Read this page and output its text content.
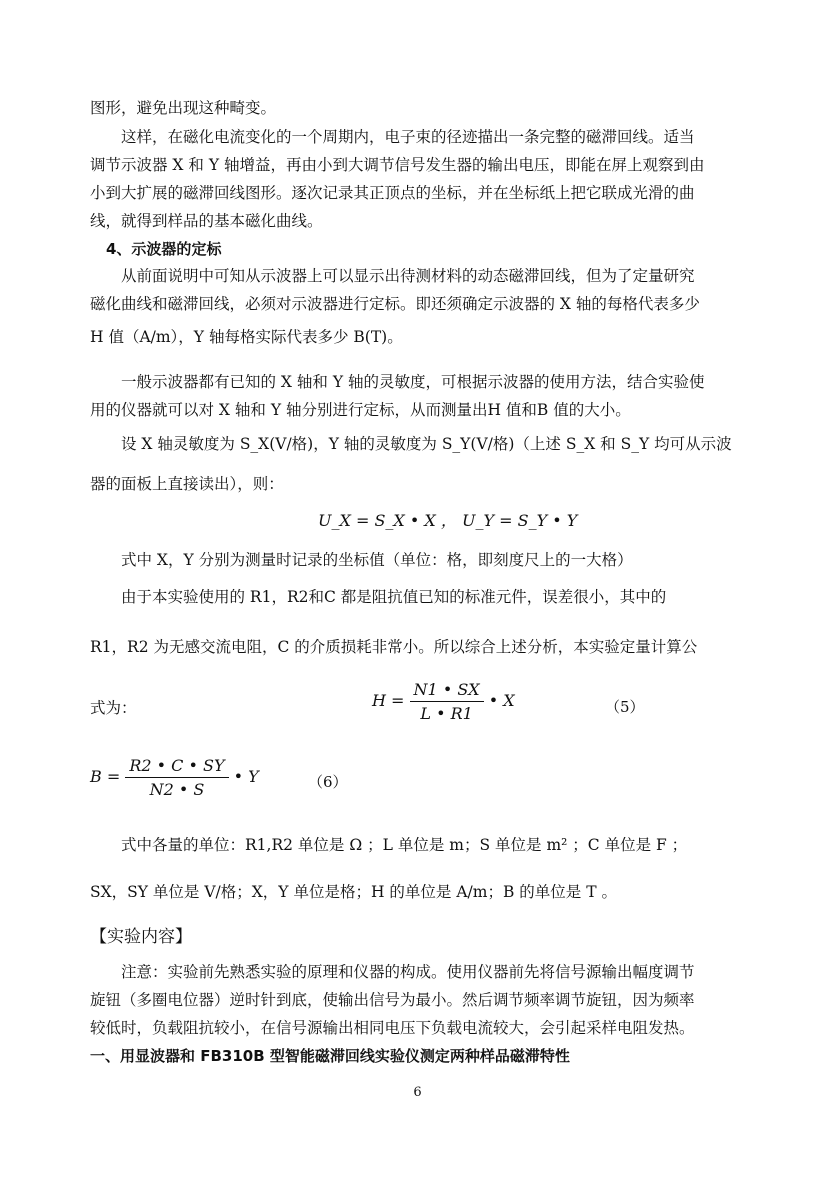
图形，避免出现这种畸变。
这样，在磁化电流变化的一个周期内，电子束的径迹描出一条完整的磁滞回线。适当
调节示波器 X 和 Y 轴增益，再由小到大调节信号发生器的输出电压，即能在屏上观察到由
小到大扩展的磁滞回线图形。逐次记录其正顶点的坐标，并在坐标纸上把它联成光滑的曲
线，就得到样品的基本磁化曲线。
4、示波器的定标
从前面说明中可知从示波器上可以显示出待测材料的动态磁滞回线，但为了定量研究
磁化曲线和磁滞回线，必须对示波器进行定标。即还须确定示波器的 X 轴的每格代表多少
H 值（A/m），Y 轴每格实际代表多少 B(T)。
一般示波器都有已知的 X 轴和 Y 轴的灵敏度，可根据示波器的使用方法，结合实验使
用的仪器就可以对 X 轴和 Y 轴分别进行定标，从而测量出H 值和B 值的大小。
设 X 轴灵敏度为 S_X(V/格)，Y 轴的灵敏度为 S_Y(V/格)（上述 S_X 和 S_Y 均可从示波
器的面板上直接读出），则：
U_X = S_X • X ， U_Y = S_Y • Y
式中 X，Y 分别为测量时记录的坐标值（单位：格，即刻度尺上的一大格）
由于本实验使用的 R1，R2和C 都是阻抗值已知的标准元件，误差很小，其中的
R1，R2 为无感交流电阻，C 的介质损耗非常小。所以综合上述分析，本实验定量计算公
式为：	$H = \frac{N1 • SX}{L • R1}$ • X	（5）
$B = \frac{R2 • C • SY}{N2 • S}$ • Y	（6）
式中各量的单位：R1,R2 单位是 Ω ；L 单位是 m；S 单位是 m² ；C 单位是 F ；
SX，SY 单位是 V/格；X，Y 单位是格；H 的单位是 A/m；B 的单位是 T 。
【实验内容】
注意：实验前先熟悉实验的原理和仪器的构成。使用仪器前先将信号源输出幅度调节
旋钮（多圈电位器）逆时针到底，使输出信号为最小。然后调节频率调节旋钮，因为频率
较低时，负载阻抗较小，在信号源输出相同电压下负载电流较大，会引起采样电阻发热。
一、用显波器和 FB310B 型智能磁滞回线实验仪测定两种样品磁滞特性
6
